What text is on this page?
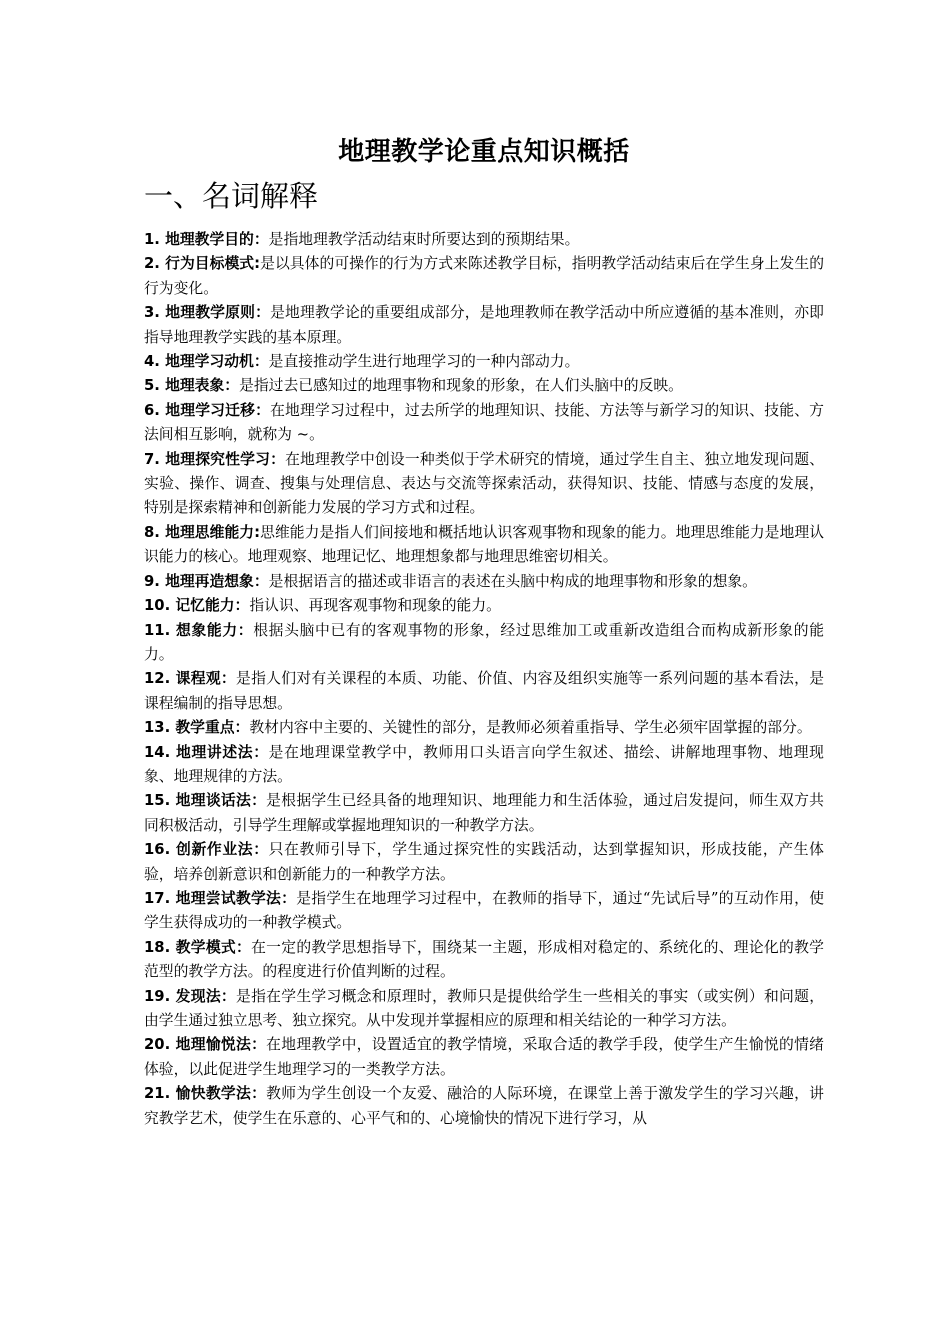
地理教学论重点知识概括
一、名词解释
1. 地理教学目的：是指地理教学活动结束时所要达到的预期结果。
2. 行为目标模式:是以具体的可操作的行为方式来陈述教学目标，指明教学活动结束后在学生身上发生的行为变化。
3. 地理教学原则：是地理教学论的重要组成部分，是地理教师在教学活动中所应遵循的基本准则，亦即指导地理教学实践的基本原理。
4. 地理学习动机：是直接推动学生进行地理学习的一种内部动力。
5. 地理表象：是指过去已感知过的地理事物和现象的形象，在人们头脑中的反映。
6. 地理学习迁移：在地理学习过程中，过去所学的地理知识、技能、方法等与新学习的知识、技能、方法间相互影响，就称为 ~。
7. 地理探究性学习：在地理教学中创设一种类似于学术研究的情境，通过学生自主、独立地发现问题、实验、操作、调查、搜集与处理信息、表达与交流等探索活动，获得知识、技能、情感与态度的发展，特别是探索精神和创新能力发展的学习方式和过程。
8. 地理思维能力:思维能力是指人们间接地和概括地认识客观事物和现象的能力。地理思维能力是地理认识能力的核心。地理观察、地理记忆、地理想象都与地理思维密切相关。
9. 地理再造想象：是根据语言的描述或非语言的表述在头脑中构成的地理事物和形象的想象。
10. 记忆能力：指认识、再现客观事物和现象的能力。
11. 想象能力：根据头脑中已有的客观事物的形象，经过思维加工或重新改造组合而构成新形象的能力。
12. 课程观：是指人们对有关课程的本质、功能、价值、内容及组织实施等一系列问题的基本看法，是课程编制的指导思想。
13. 教学重点：教材内容中主要的、关键性的部分，是教师必须着重指导、学生必须牢固掌握的部分。
14. 地理讲述法：是在地理课堂教学中，教师用口头语言向学生叙述、描绘、讲解地理事物、地理现象、地理规律的方法。
15. 地理谈话法：是根据学生已经具备的地理知识、地理能力和生活体验，通过启发提问，师生双方共同积极活动，引导学生理解或掌握地理知识的一种教学方法。
16. 创新作业法：只在教师引导下，学生通过探究性的实践活动，达到掌握知识，形成技能，产生体验，培养创新意识和创新能力的一种教学方法。
17. 地理尝试教学法：是指学生在地理学习过程中，在教师的指导下，通过“先试后导”的互动作用，使学生获得成功的一种教学模式。
18. 教学模式：在一定的教学思想指导下，围绕某一主题，形成相对稳定的、系统化的、理论化的教学范型的教学方法。的程度进行价值判断的过程。
19. 发现法：是指在学生学习概念和原理时，教师只是提供给学生一些相关的事实（或实例）和问题，由学生通过独立思考、独立探究。从中发现并掌握相应的原理和相关结论的一种学习方法。
20. 地理愉悦法：在地理教学中，设置适宜的教学情境，采取合适的教学手段，使学生产生愉悦的情绪体验，以此促进学生地理学习的一类教学方法。
21. 愉快教学法：教师为学生创设一个友爱、融洽的人际环境，在课堂上善于激发学生的学习兴趣，讲究教学艺术，使学生在乐意的、心平气和的、心境愉快的情况下进行学习，从
